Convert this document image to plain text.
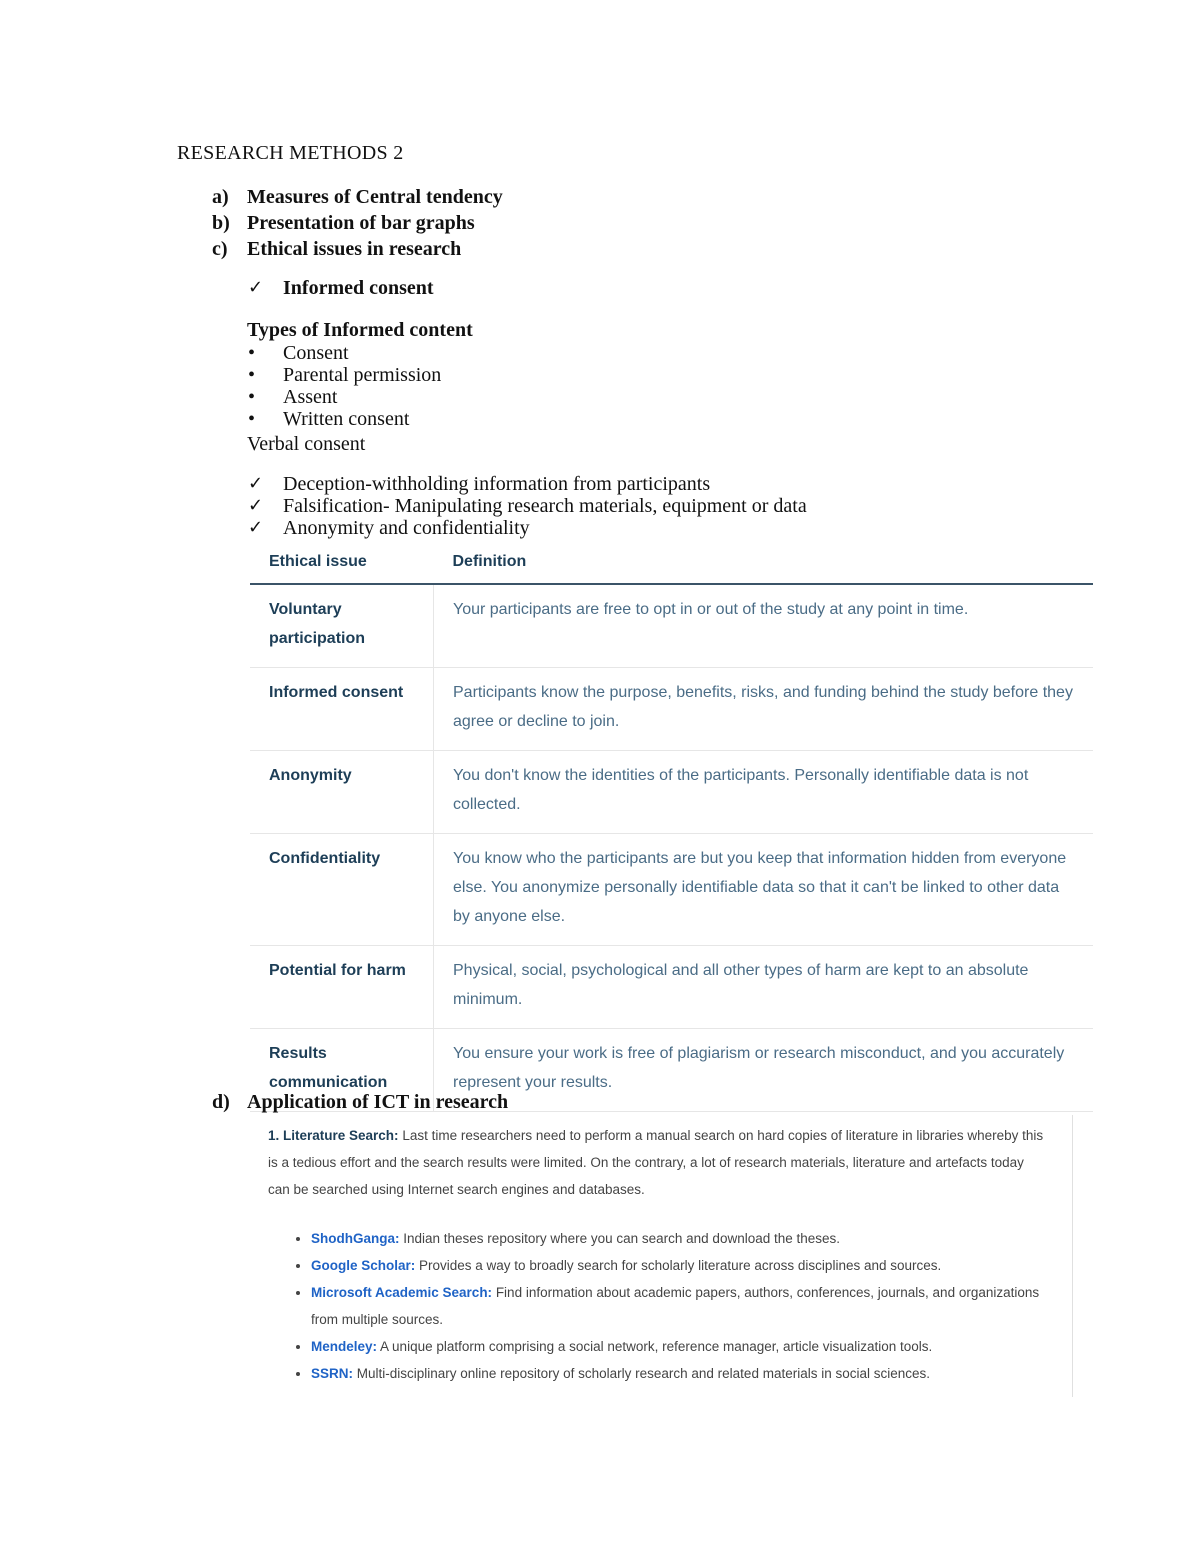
RESEARCH METHODS 2
a) Measures of Central tendency
b) Presentation of bar graphs
c) Ethical issues in research
✓ Informed consent
Types of Informed content
•	Consent
•	Parental permission
•	Assent
•	Written consent
Verbal consent
✓ Deception-withholding information from participants
✓ Falsification- Manipulating research materials, equipment or data
✓ Anonymity and confidentiality
Ethical issue	Definition
Voluntary participation	Your participants are free to opt in or out of the study at any point in time.
Informed consent	Participants know the purpose, benefits, risks, and funding behind the study before they agree or decline to join.
Anonymity	You don't know the identities of the participants. Personally identifiable data is not collected.
Confidentiality	You know who the participants are but you keep that information hidden from everyone else. You anonymize personally identifiable data so that it can't be linked to other data by anyone else.
Potential for harm	Physical, social, psychological and all other types of harm are kept to an absolute minimum.
Results communication	You ensure your work is free of plagiarism or research misconduct, and you accurately represent your results.
d) Application of ICT in research
1. Literature Search: Last time researchers need to perform a manual search on hard copies of literature in libraries whereby this is a tedious effort and the search results were limited. On the contrary, a lot of research materials, literature and artefacts today can be searched using Internet search engines and databases.
• ShodhGanga: Indian theses repository where you can search and download the theses.
• Google Scholar: Provides a way to broadly search for scholarly literature across disciplines and sources.
• Microsoft Academic Search: Find information about academic papers, authors, conferences, journals, and organizations from multiple sources.
• Mendeley: A unique platform comprising a social network, reference manager, article visualization tools.
• SSRN: Multi-disciplinary online repository of scholarly research and related materials in social sciences.
